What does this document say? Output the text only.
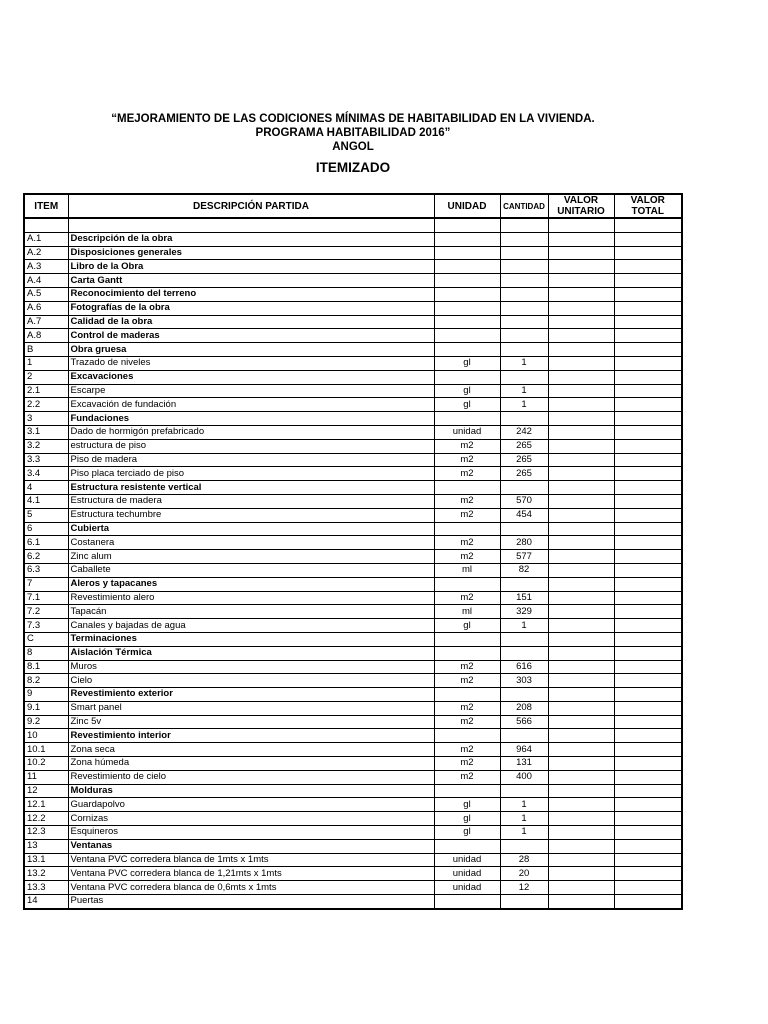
“MEJORAMIENTO DE LAS CODICIONES MÍNIMAS DE HABITABILIDAD EN LA VIVIENDA.
PROGRAMA HABITABILIDAD 2016”
ANGOL
ITEMIZADO
ITEM	DESCRIPCIÓN PARTIDA	UNIDAD	CANTIDAD	VALOR UNITARIO	VALOR TOTAL

A.1	Descripción de la obra				
A.2	Disposiciones generales				
A.3	Libro de la Obra				
A.4	Carta Gantt				
A.5	Reconocimiento del terreno				
A.6	Fotografías de la obra				
A.7	Calidad de la obra				
A.8	Control de maderas				
B	Obra gruesa				
1	Trazado de niveles	gl	1		
2	Excavaciones				
2.1	Escarpe	gl	1		
2.2	Excavación de fundación	gl	1		
3	Fundaciones				
3.1	Dado de hormigón prefabricado	unidad	242		
3.2	estructura de piso	m2	265		
3.3	Piso de madera	m2	265		
3.4	Piso placa terciado de piso	m2	265		
4	Estructura resistente vertical				
4.1	Estructura de madera	m2	570		
5	Estructura techumbre	m2	454		
6	Cubierta				
6.1	Costanera	m2	280		
6.2	Zinc alum	m2	577		
6.3	Caballete	ml	82		
7	Aleros y tapacanes				
7.1	Revestimiento alero	m2	151		
7.2	Tapacán	ml	329		
7.3	Canales y bajadas de agua	gl	1		
C	Terminaciones				
8	Aislación Térmica				
8.1	Muros	m2	616		
8.2	Cielo	m2	303		
9	Revestimiento exterior				
9.1	Smart panel	m2	208		
9.2	Zinc 5v	m2	566		
10	Revestimiento interior				
10.1	Zona seca	m2	964		
10.2	Zona húmeda	m2	131		
11	Revestimiento de cielo	m2	400		
12	Molduras				
12.1	Guardapolvo	gl	1		
12.2	Cornizas	gl	1		
12.3	Esquineros	gl	1		
13	Ventanas				
13.1	Ventana PVC corredera blanca de 1mts x 1mts	unidad	28		
13.2	Ventana PVC corredera blanca de 1,21mts x 1mts	unidad	20		
13.3	Ventana PVC corredera blanca de 0,6mts x 1mts	unidad	12		
14	Puertas				
